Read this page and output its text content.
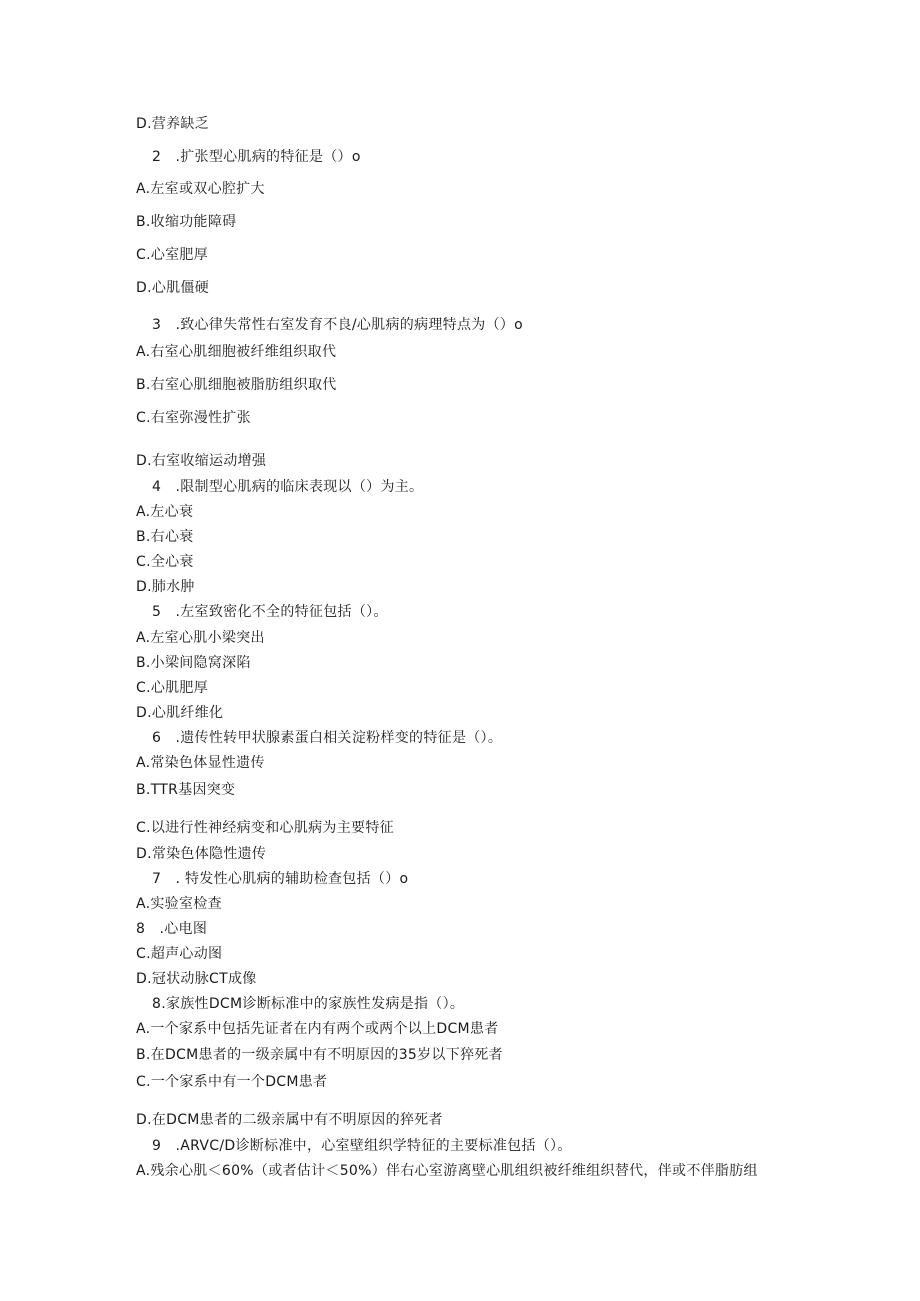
D.营养缺乏
2　.扩张型心肌病的特征是（）o
A.左室或双心腔扩大
B.收缩功能障碍
C.心室肥厚
D.心肌僵硬
3　.致心律失常性右室发育不良/心肌病的病理特点为（）o
A.右室心肌细胞被纤维组织取代
B.右室心肌细胞被脂肪组织取代
C.右室弥漫性扩张
D.右室收缩运动增强
4　.限制型心肌病的临床表现以（）为主。
A.左心衰
B.右心衰
C.全心衰
D.肺水肿
5　.左室致密化不全的特征包括（）。
A.左室心肌小梁突出
B.小梁间隐窝深陷
C.心肌肥厚
D.心肌纤维化
6　.遗传性转甲状腺素蛋白相关淀粉样变的特征是（）。
A.常染色体显性遗传
B.TTR基因突变
C.以进行性神经病变和心肌病为主要特征
D.常染色体隐性遗传
7　. 特发性心肌病的辅助检查包括（）o
A.实验室检查
8　.心电图
C.超声心动图
D.冠状动脉CT成像
8.家族性DCM诊断标准中的家族性发病是指（）。
A.一个家系中包括先证者在内有两个或两个以上DCM患者
B.在DCM患者的一级亲属中有不明原因的35岁以下猝死者
C.一个家系中有一个DCM患者
D.在DCM患者的二级亲属中有不明原因的猝死者
9　.ARVC/D诊断标准中，心室壁组织学特征的主要标准包括（）。
A.残余心肌＜60%（或者估计＜50%）伴右心室游离壁心肌组织被纤维组织替代，伴或不伴脂肪组
